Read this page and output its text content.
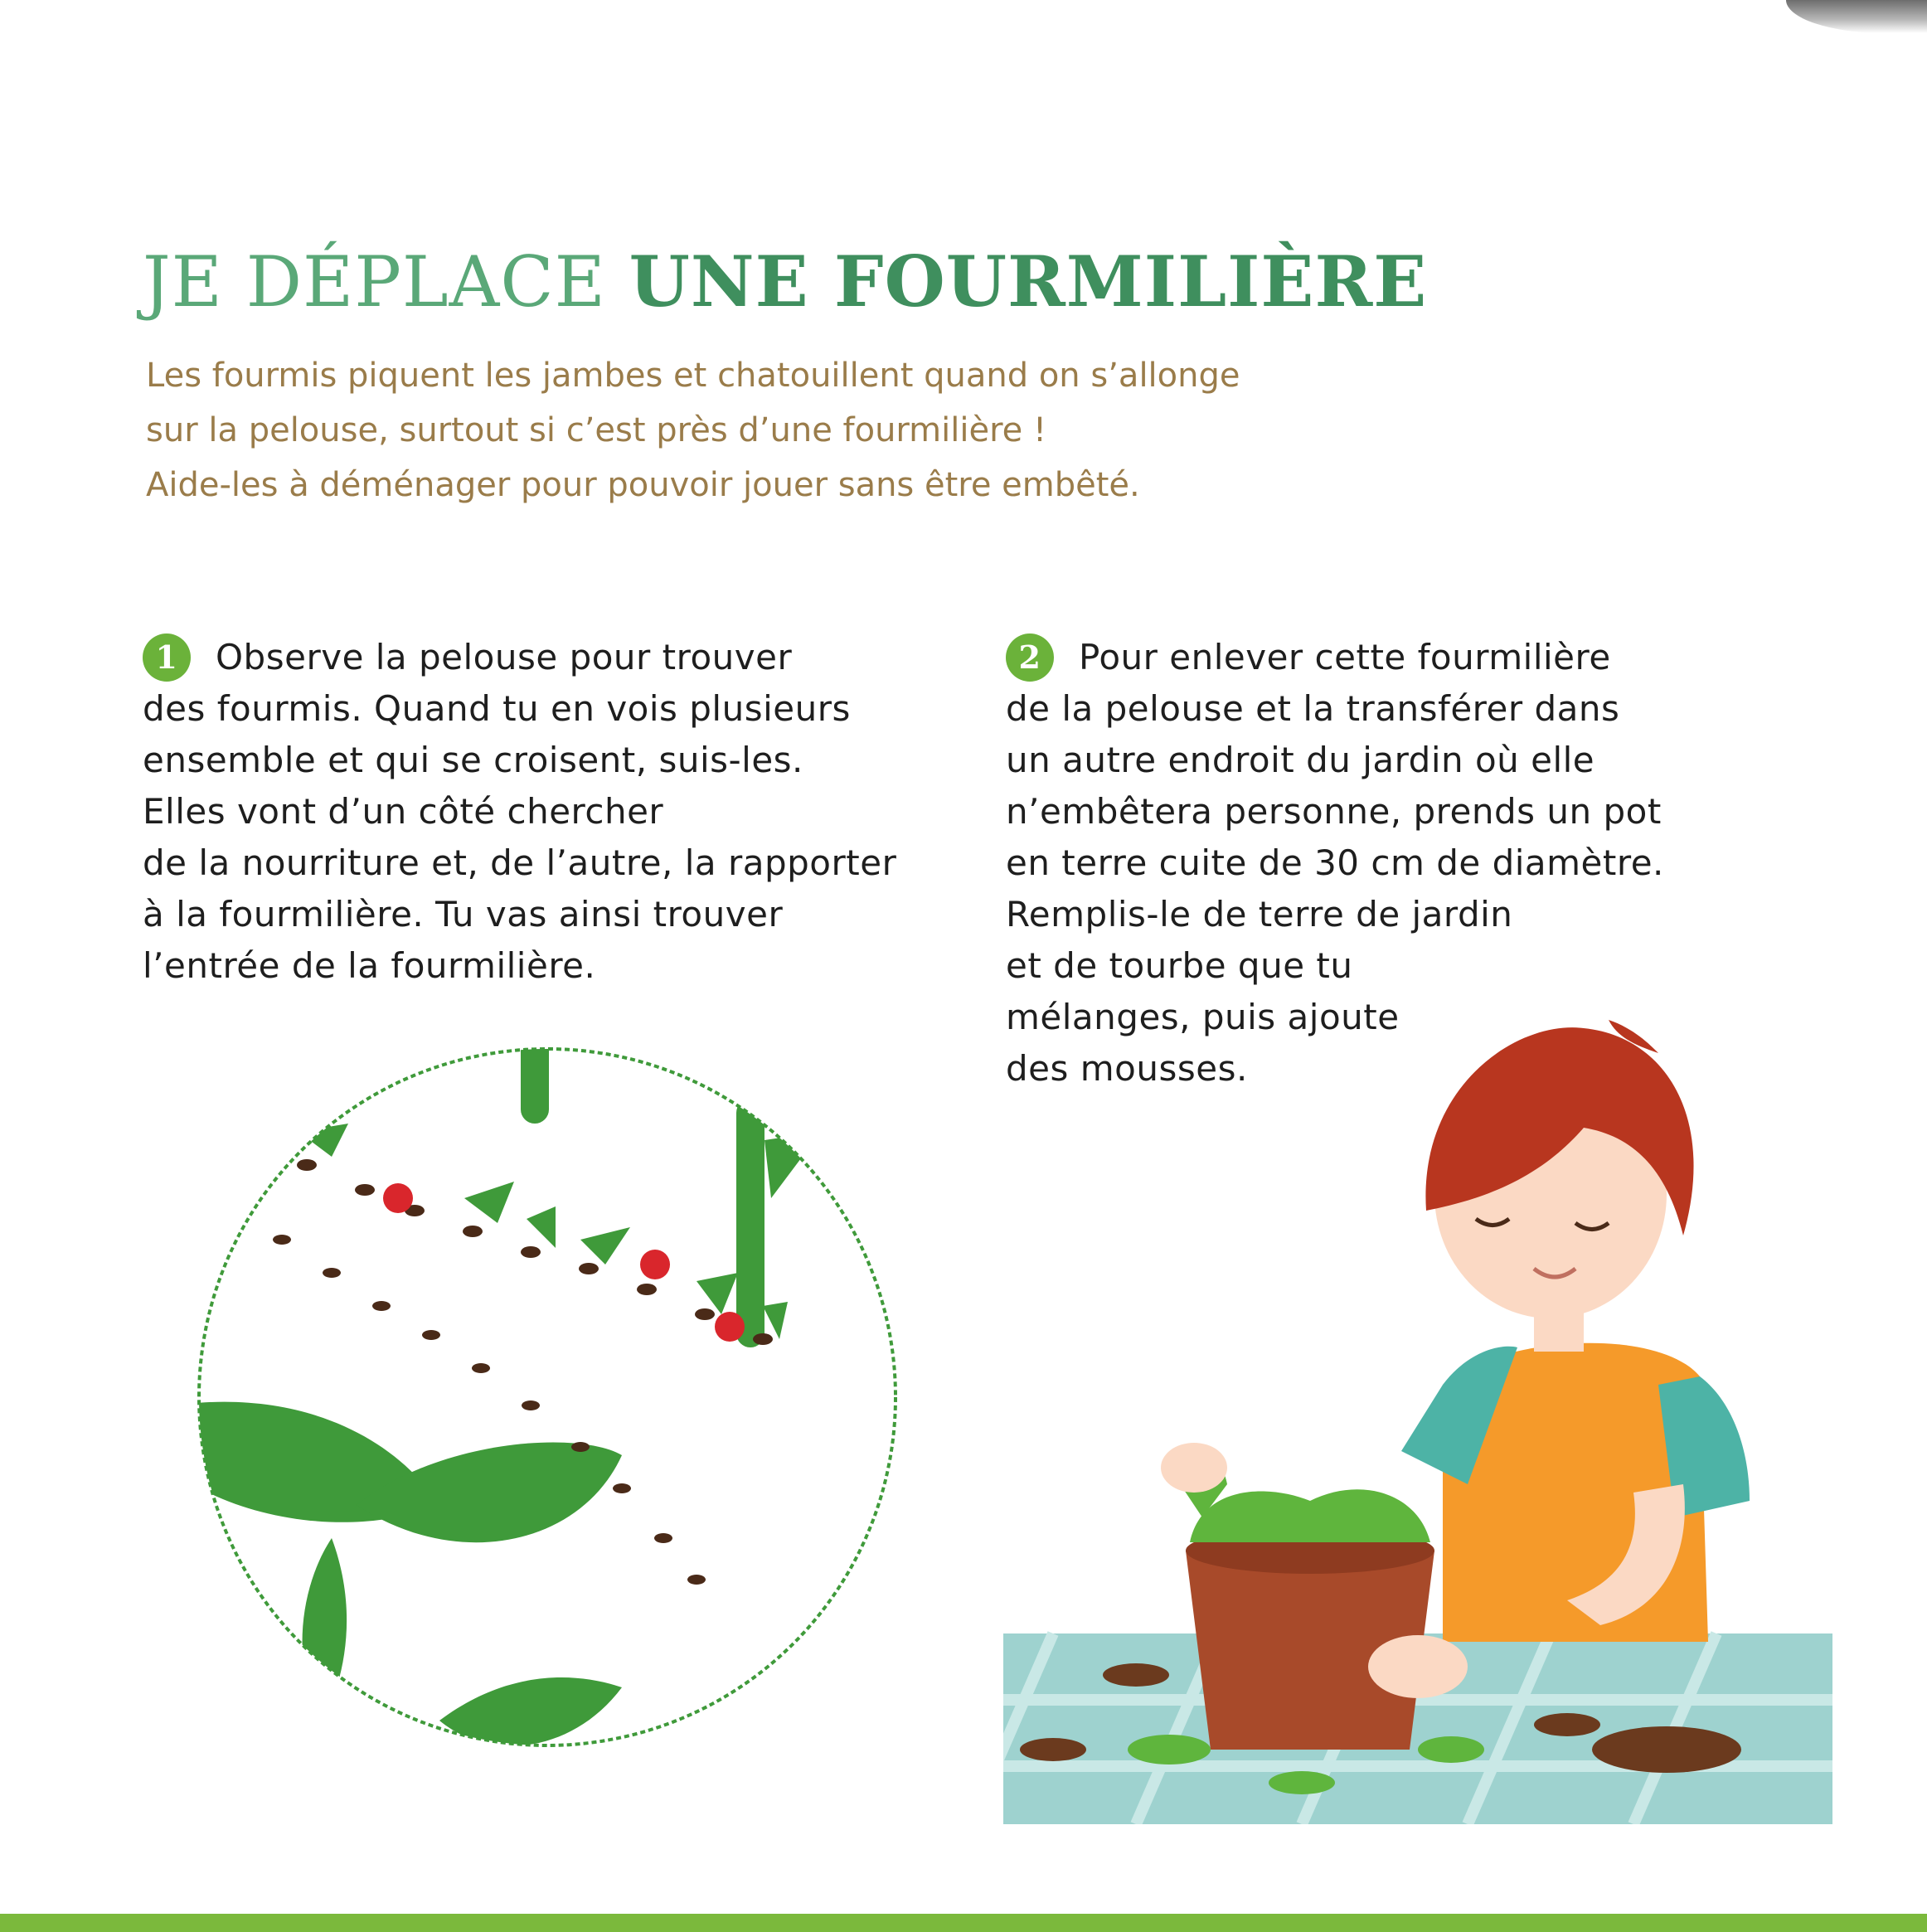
JE DÉPLACE UNE FOURMILIÈRE
Les fourmis piquent les jambes et chatouillent quand on s’allonge
sur la pelouse, surtout si c’est près d’une fourmilière !
Aide-les à déménager pour pouvoir jouer sans être embêté.
1 Observe la pelouse pour trouver
des fourmis. Quand tu en vois plusieurs
ensemble et qui se croisent, suis-les.
Elles vont d’un côté chercher
de la nourriture et, de l’autre, la rapporter
à la fourmilière. Tu vas ainsi trouver
l’entrée de la fourmilière.
2 Pour enlever cette fourmilière
de la pelouse et la transférer dans
un autre endroit du jardin où elle
n’embêtera personne, prends un pot
en terre cuite de 30 cm de diamètre.
Remplis-le de terre de jardin
et de tourbe que tu
mélanges, puis ajoute
des mousses.
